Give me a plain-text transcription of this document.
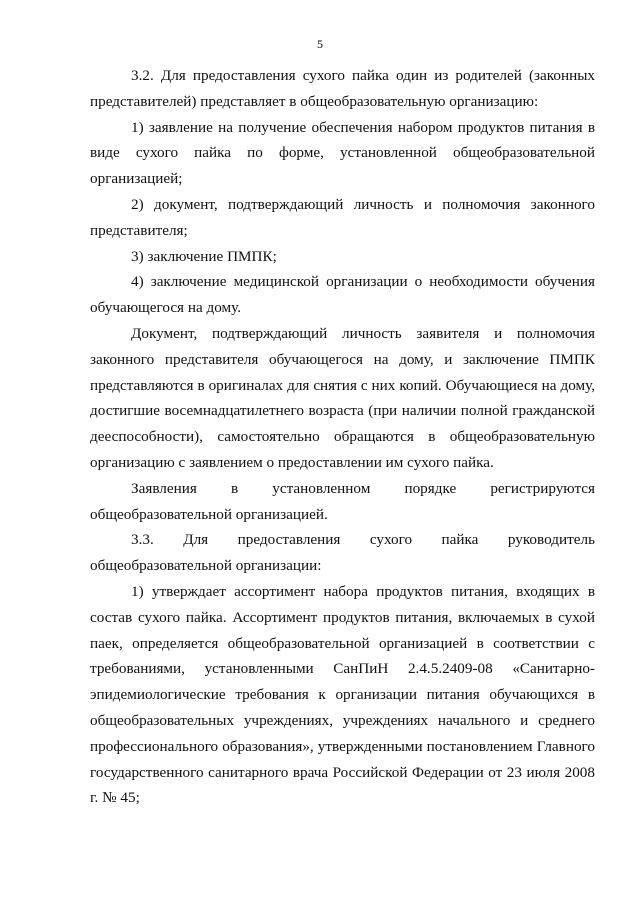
5

3.2. Для предоставления сухого пайка один из родителей (законных представителей) представляет в общеобразовательную организацию:

1) заявление на получение обеспечения набором продуктов питания в виде сухого пайка по форме, установленной общеобразовательной организацией;

2) документ, подтверждающий личность и полномочия законного представителя;

3) заключение ПМПК;

4) заключение медицинской организации о необходимости обучения обучающегося на дому.

Документ, подтверждающий личность заявителя и полномочия законного представителя обучающегося на дому, и заключение ПМПК представляются в оригиналах для снятия с них копий. Обучающиеся на дому, достигшие восемнадцатилетнего возраста (при наличии полной гражданской дееспособности), самостоятельно обращаются в общеобразовательную организацию с заявлением о предоставлении им сухого пайка.

Заявления в установленном порядке регистрируются общеобразовательной организацией.

3.3. Для предоставления сухого пайка руководитель общеобразовательной организации:

1) утверждает ассортимент набора продуктов питания, входящих в состав сухого пайка. Ассортимент продуктов питания, включаемых в сухой паек, определяется общеобразовательной организацией в соответствии с требованиями, установленными СанПиН 2.4.5.2409-08 «Санитарно-эпидемиологические требования к организации питания обучающихся в общеобразовательных учреждениях, учреждениях начального и среднего профессионального образования», утвержденными постановлением Главного государственного санитарного врача Российской Федерации от 23 июля 2008 г. № 45;
